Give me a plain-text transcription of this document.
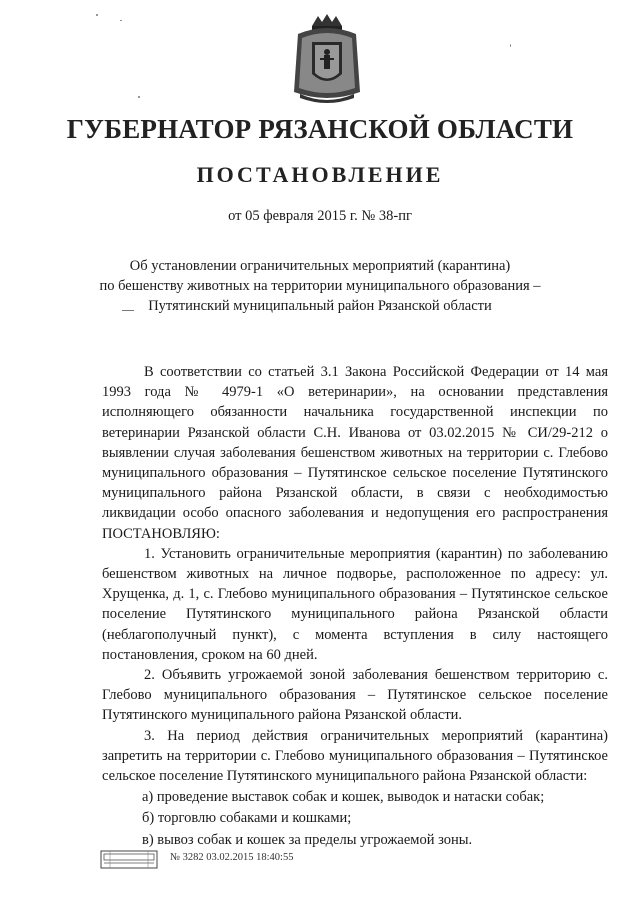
ГУБЕРНАТОР РЯЗАНСКОЙ ОБЛАСТИ
ПОСТАНОВЛЕНИЕ
от 05 февраля 2015 г. № 38-пг
Об установлении ограничительных мероприятий (карантина)
по бешенству животных на территории муниципального образования –
Путятинский муниципальный район Рязанской области

В соответствии со статьей 3.1 Закона Российской Федерации от 14 мая 1993 года № 4979-1 «О ветеринарии», на основании представления исполняющего обязанности начальника государственной инспекции по ветеринарии Рязанской области С.Н. Иванова от 03.02.2015 № СИ/29-212 о выявлении случая заболевания бешенством животных на территории с. Глебово муниципального образования – Путятинское сельское поселение Путятинского муниципального района Рязанской области, в связи с необходимостью ликвидации особо опасного заболевания и недопущения его распространения ПОСТАНОВЛЯЮ:

1. Установить ограничительные мероприятия (карантин) по заболеванию бешенством животных на личное подворье, расположенное по адресу: ул. Хрущенка, д. 1, с. Глебово муниципального образования – Путятинское сельское поселение Путятинского муниципального района Рязанской области (неблагополучный пункт), с момента вступления в силу настоящего постановления, сроком на 60 дней.

2. Объявить угрожаемой зоной заболевания бешенством территорию с. Глебово муниципального образования – Путятинское сельское поселение Путятинского муниципального района Рязанской области.

3. На период действия ограничительных мероприятий (карантина) запретить на территории с. Глебово муниципального образования – Путятинское сельское поселение Путятинского муниципального района Рязанской области:

а) проведение выставок собак и кошек, выводок и натаски собак;

б) торговлю собаками и кошками;

в) вывоз собак и кошек за пределы угрожаемой зоны.

№ 3282 03.02.2015 18:40:55
